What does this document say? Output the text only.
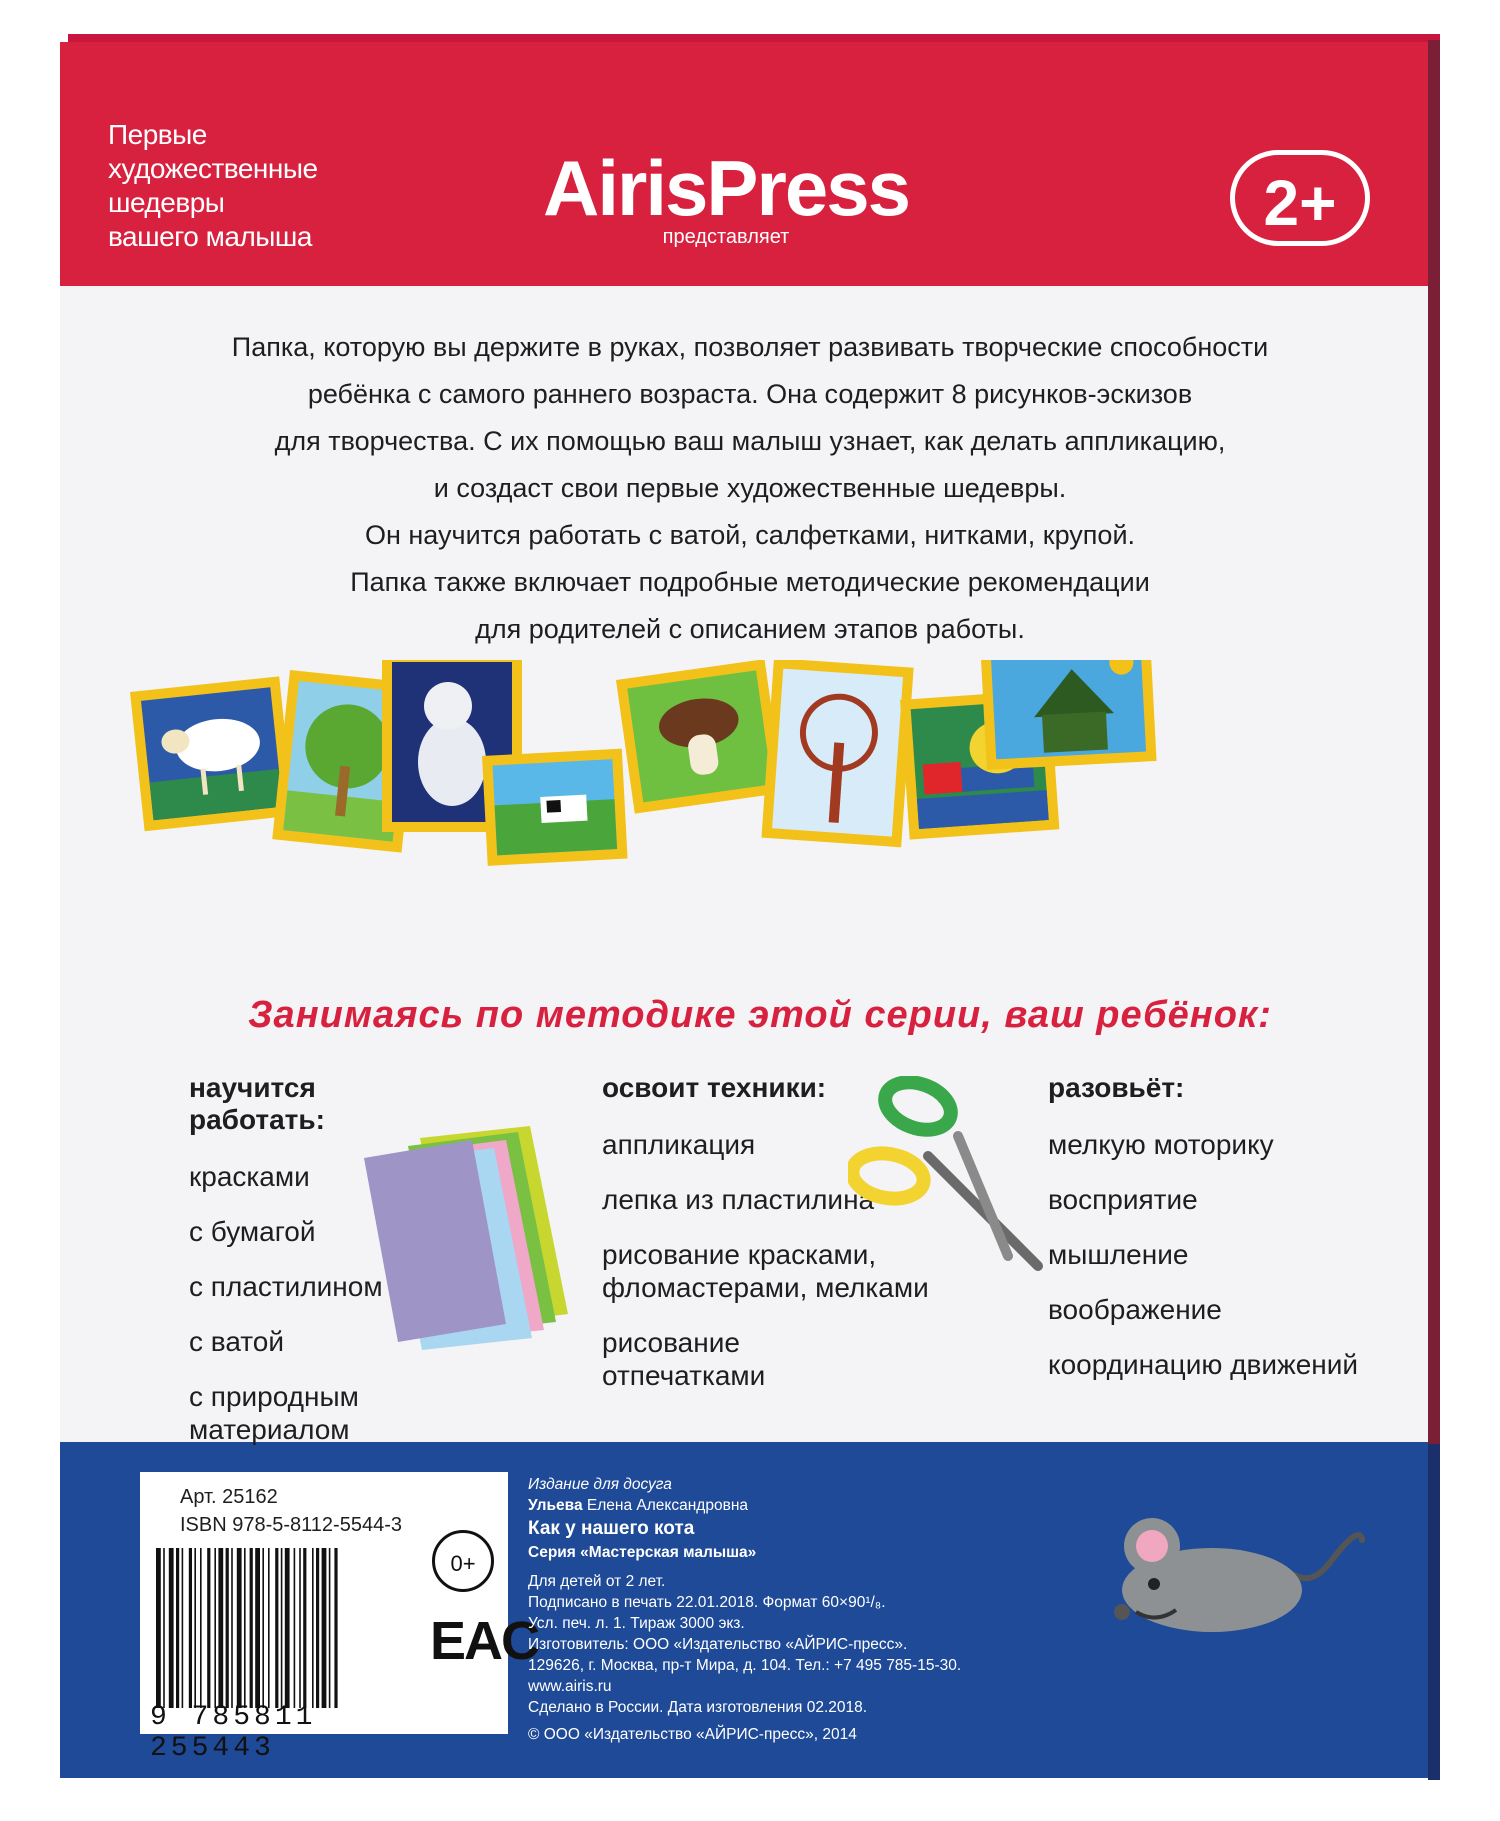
Первые
художественные
шедевры
вашего малыша
AirisPress
представляет	2+
Папка, которую вы держите в руках, позволяет развивать творческие способности
ребёнка с самого раннего возраста. Она содержит 8 рисунков-эскизов
для творчества. С их помощью ваш малыш узнает, как делать аппликацию,
и создаст свои первые художественные шедевры.
Он научится работать с ватой, салфетками, нитками, крупой.
Папка также включает подробные методические рекомендации
для родителей с описанием этапов работы.
Занимаясь по методике этой серии, ваш ребёнок:
научится работать:
красками
с бумагой
с пластилином
с ватой
с природным
материалом
освоит техники:
аппликация
лепка из пластилина
рисование красками,
фломастерами, мелками
рисование
отпечатками
разовьёт:
мелкую моторику
восприятие
мышление
воображение
координацию движений
Арт. 25162
ISBN 978-5-8112-5544-3
9 785811 255443
0+
EAC
Издание для досуга
Ульева Елена Александровна
Как у нашего кота
Серия «Мастерская малыша»
Для детей от 2 лет.
Подписано в печать 22.01.2018. Формат 60×90¹/₈.
Усл. печ. л. 1. Тираж 3000 экз.
Изготовитель: ООО «Издательство «АЙРИС-пресс».
129626, г. Москва, пр-т Мира, д. 104. Тел.: +7 495 785-15-30.
www.airis.ru
Сделано в России. Дата изготовления 02.2018.
© ООО «Издательство «АЙРИС-пресс», 2014
